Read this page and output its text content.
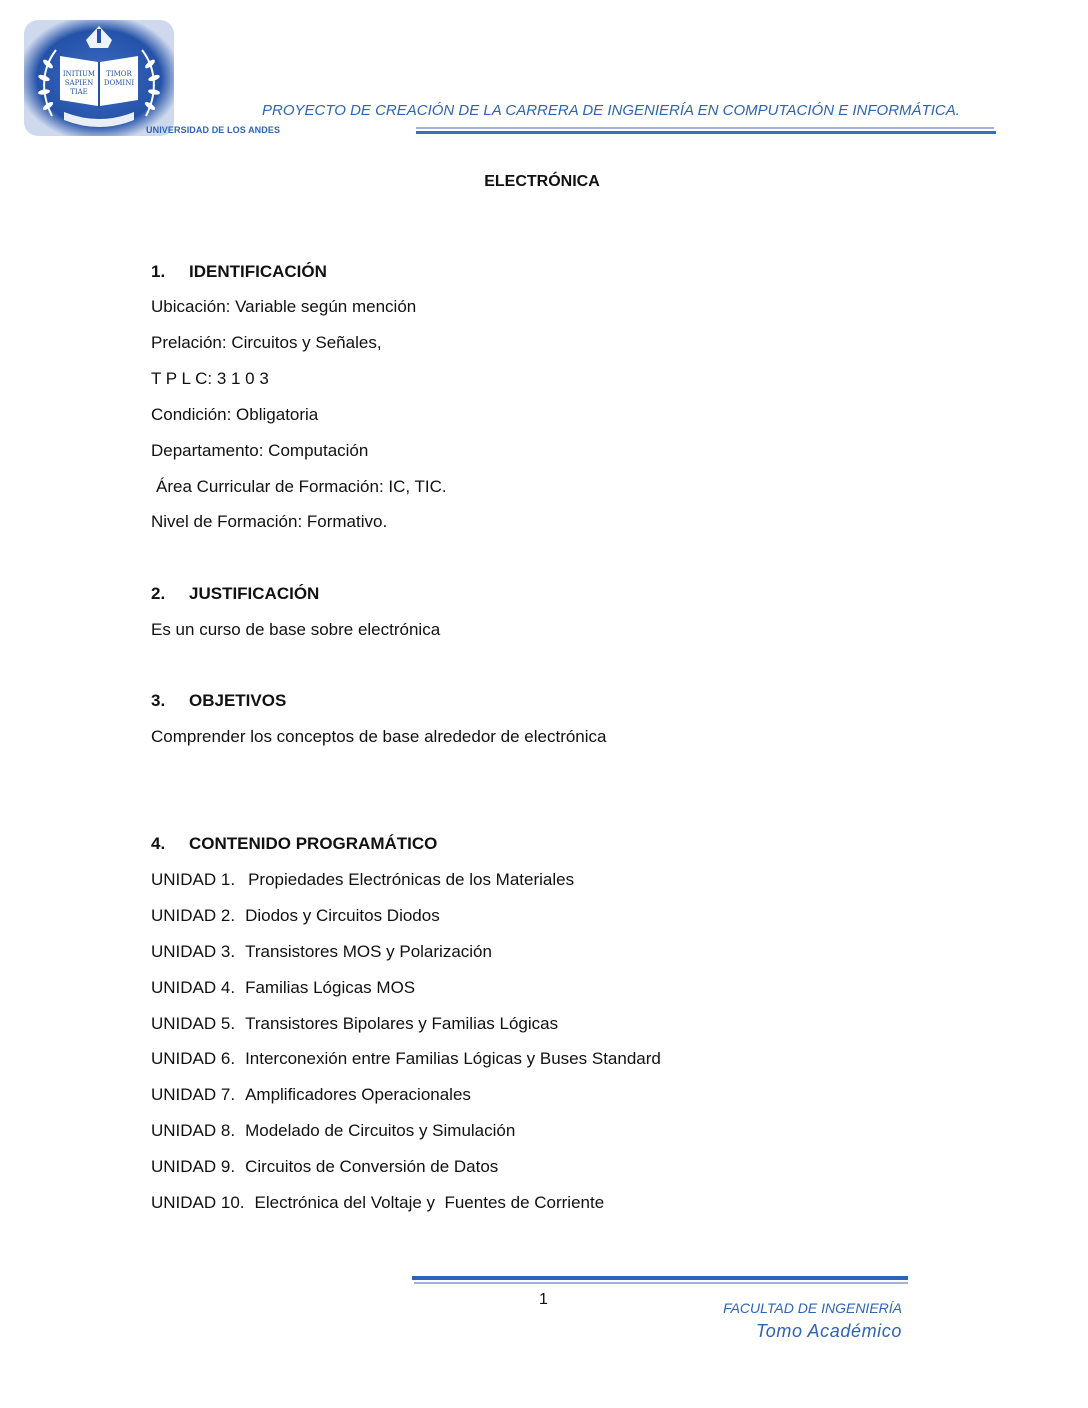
INITIUM
SAPIEN
TIAE
TIMOR
DOMINI
UNIVERSIDAD DE LOS ANDES
PROYECTO DE CREACIÓN DE LA CARRERA DE INGENIERÍA EN COMPUTACIÓN E INFORMÁTICA.
ELECTRÓNICA
1. IDENTIFICACIÓN
Ubicación: Variable según mención
Prelación: Circuitos y Señales,
T P L C: 3 1 0 3
Condición: Obligatoria
Departamento: Computación
Área Curricular de Formación: IC, TIC.
Nivel de Formación: Formativo.
2. JUSTIFICACIÓN
Es un curso de base sobre electrónica
3. OBJETIVOS
Comprender los conceptos de base alrededor de electrónica
4. CONTENIDO PROGRAMÁTICO
UNIDAD 1. Propiedades Electrónicas de los Materiales
UNIDAD 2. Diodos y Circuitos Diodos
UNIDAD 3. Transistores MOS y Polarización
UNIDAD 4. Familias Lógicas MOS
UNIDAD 5. Transistores Bipolares y Familias Lógicas
UNIDAD 6. Interconexión entre Familias Lógicas y Buses Standard
UNIDAD 7. Amplificadores Operacionales
UNIDAD 8. Modelado de Circuitos y Simulación
UNIDAD 9. Circuitos de Conversión de Datos
UNIDAD 10. Electrónica del Voltaje y  Fuentes de Corriente
1	FACULTAD DE INGENIERÍA
Tomo Académico
